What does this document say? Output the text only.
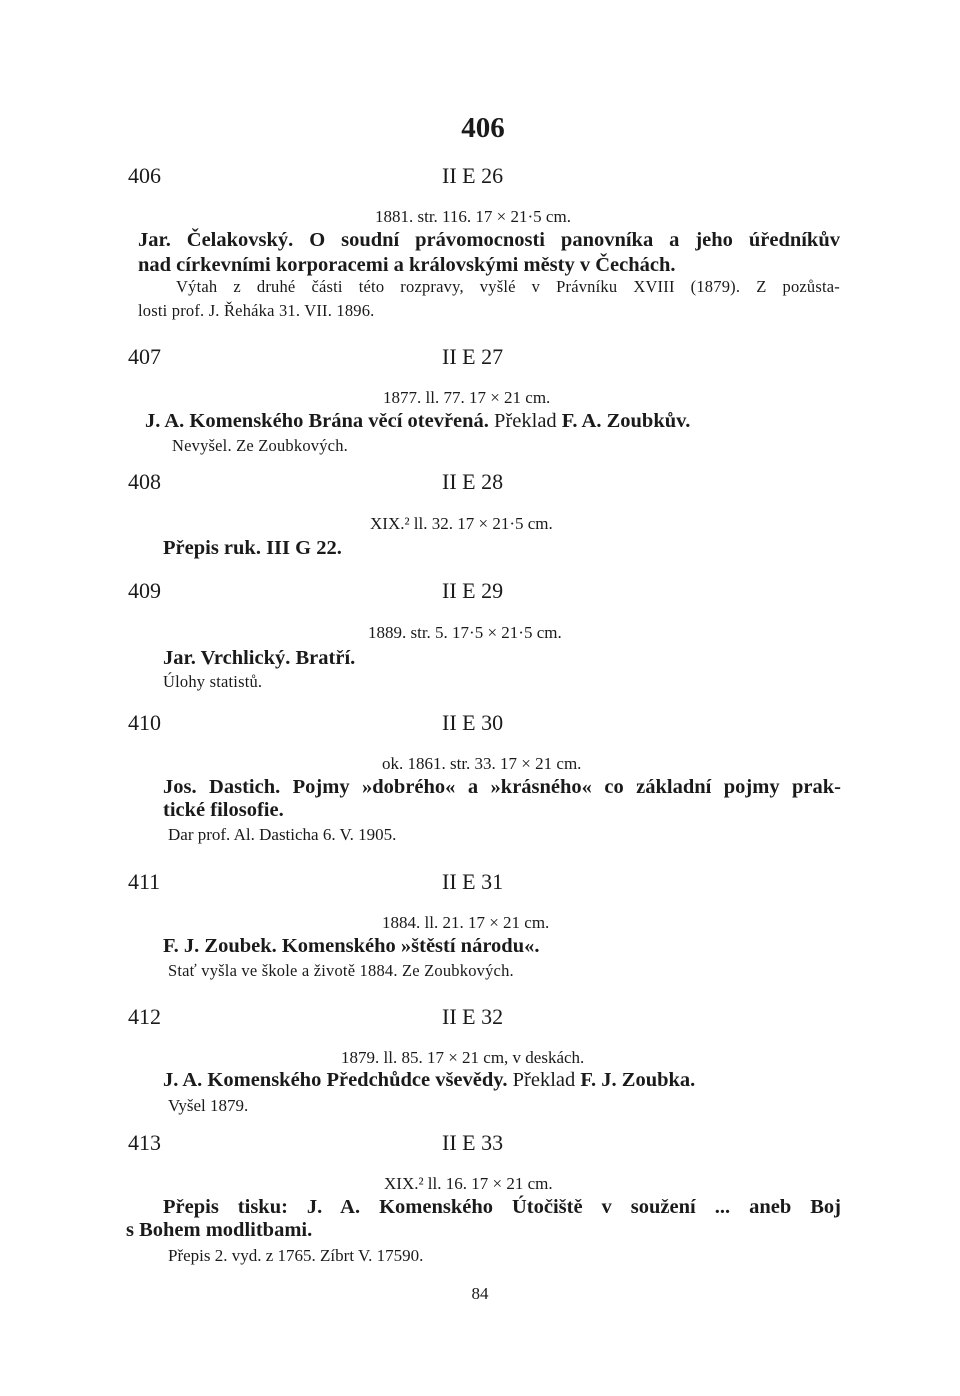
406
406	II E 26
1881. str. 116. 17 × 21·5 cm.
Jar. Čelakovský. O soudní právomocnosti panovníka a jeho úředníkův
nad církevními korporacemi a královskými městy v Čechách.
Výtah z druhé části této rozpravy, vyšlé v Právníku XVIII (1879). Z pozůsta-
losti prof. J. Řeháka 31. VII. 1896.
407	II E 27
1877. ll. 77. 17 × 21 cm.
J. A. Komenského Brána věcí otevřená. Překlad F. A. Zoubkův.
Nevyšel. Ze Zoubkových.
408	II E 28
XIX.² ll. 32. 17 × 21·5 cm.
Přepis ruk. III G 22.
409	II E 29
1889. str. 5. 17·5 × 21·5 cm.
Jar. Vrchlický. Bratří.
Úlohy statistů.
410	II E 30
ok. 1861. str. 33. 17 × 21 cm.
Jos. Dastich. Pojmy »dobrého« a »krásného« co základní pojmy prak-
tické filosofie.
Dar prof. Al. Dasticha 6. V. 1905.
411	II E 31
1884. ll. 21. 17 × 21 cm.
F. J. Zoubek. Komenského »štěstí národu«.
Stať vyšla ve škole a životě 1884. Ze Zoubkových.
412	II E 32
1879. ll. 85. 17 × 21 cm, v deskách.
J. A. Komenského Předchůdce vševědy. Překlad F. J. Zoubka.
Vyšel 1879.
413	II E 33
XIX.² ll. 16. 17 × 21 cm.
Přepis tisku: J. A. Komenského Útočiště v soužení ... aneb Boj
s Bohem modlitbami.
Přepis 2. vyd. z 1765. Zíbrt V. 17590.
84
